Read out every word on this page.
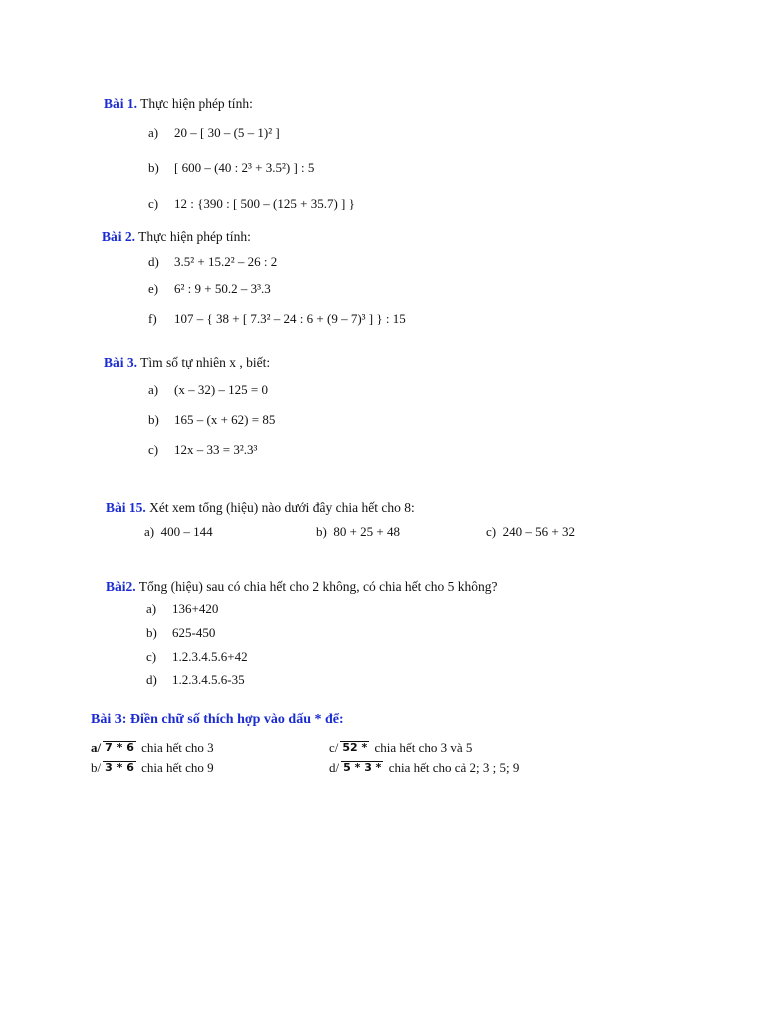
Bài 1. Thực hiện phép tính:
a) 20 – [ 30 – (5 – 1)² ]
b) [ 600 – (40 : 2³ + 3.5²) ] : 5
c) 12 : {390 : [ 500 – (125 + 35.7) ] }
Bài 2. Thực hiện phép tính:
d) 3.5² + 15.2² – 26 : 2
e) 6² : 9 + 50.2 – 3³.3
f) 107 – { 38 + [ 7.3² – 24 : 6 + (9 – 7)³ ] } : 15
Bài 3. Tìm số tự nhiên x , biết:
a) (x – 32) – 125 = 0
b) 165 – (x + 62) = 85
c) 12x – 33 = 3².3³
Bài 15. Xét xem tổng (hiệu) nào dưới đây chia hết cho 8:
a) 400 – 144	b) 80 + 25 + 48	c) 240 – 56 + 32
Bài2. Tổng (hiệu) sau có chia hết cho 2 không, có chia hết cho 5 không?
a) 136+420
b) 625-450
c) 1.2.3.4.5.6+42
d) 1.2.3.4.5.6-35
Bài 3: Điền chữ số thích hợp vào dấu * để:
a/ 7 * 6 chia hết cho 3	c/ 52 * chia hết cho 3 và 5
b/ 3 * 6 chia hết cho 9	d/ 5 * 3 * chia hết cho cả 2; 3 ; 5; 9
